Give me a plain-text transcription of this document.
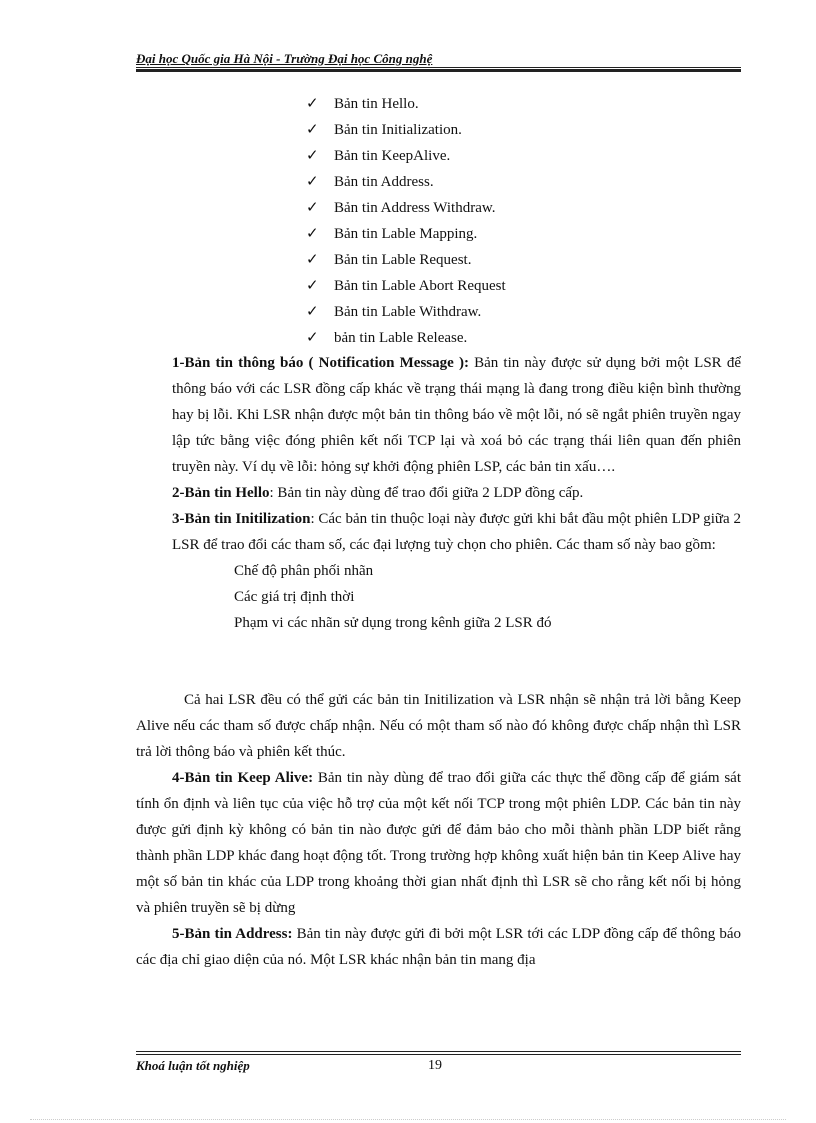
Đại học Quốc gia Hà Nội - Trường Đại học Công nghệ
✓ Bản tin Hello.
✓ Bản tin Initialization.
✓ Bản tin KeepAlive.
✓ Bản tin Address.
✓ Bản tin Address Withdraw.
✓ Bản tin Lable Mapping.
✓ Bản tin Lable Request.
✓ Bản tin Lable Abort Request
✓ Bản tin Lable Withdraw.
✓ bản tin Lable Release.

1-Bản tin thông báo ( Notification Message ): Bản tin này được sử dụng bởi một LSR để thông báo với các LSR đồng cấp khác về trạng thái mạng là đang trong điều kiện bình thường hay bị lỗi. Khi LSR nhận được một bản tin thông báo về một lỗi, nó sẽ ngắt phiên truyền ngay lập tức bằng việc đóng phiên kết nối TCP lại và xoá bỏ các trạng thái liên quan đến phiên truyền này. Ví dụ về lỗi: hỏng sự khởi động phiên LSP, các bản tin xấu….

2-Bản tin Hello: Bản tin này dùng để trao đổi giữa 2 LDP đồng cấp.

3-Bản tin Initilization: Các bản tin thuộc loại này được gửi khi bắt đầu một phiên LDP giữa 2 LSR để trao đổi các tham số, các đại lượng tuỳ chọn cho phiên. Các tham số này bao gồm:

Chế độ phân phối nhãn

Các giá trị định thời

Phạm vi các nhãn sử dụng trong kênh giữa 2 LSR đó

Cả hai LSR đều có thể gửi các bản tin Initilization và LSR nhận sẽ nhận trả lời bằng Keep Alive nếu các tham số được chấp nhận. Nếu có một tham số nào đó không được chấp nhận thì LSR trả lời thông báo và phiên kết thúc.

4-Bản tin Keep Alive: Bản tin này dùng để trao đổi giữa các thực thể đồng cấp để giám sát tính ổn định và liên tục của việc hỗ trợ của một kết nối TCP trong một phiên LDP. Các bản tin này được gửi định kỳ không có bản tin nào được gửi để đảm bảo cho mỗi thành phần LDP biết rằng thành phần LDP khác đang hoạt động tốt. Trong trường hợp không xuất hiện bản tin Keep Alive hay một số bản tin khác của LDP trong khoảng thời gian nhất định thì LSR sẽ cho rằng kết nối bị hỏng và phiên truyền sẽ bị dừng

5-Bản tin Address: Bản tin này được gửi đi bởi một LSR tới các LDP đồng cấp để thông báo các địa chỉ giao diện của nó. Một LSR khác nhận bản tin mang địa

Khoá luận tốt nghiệp	19
